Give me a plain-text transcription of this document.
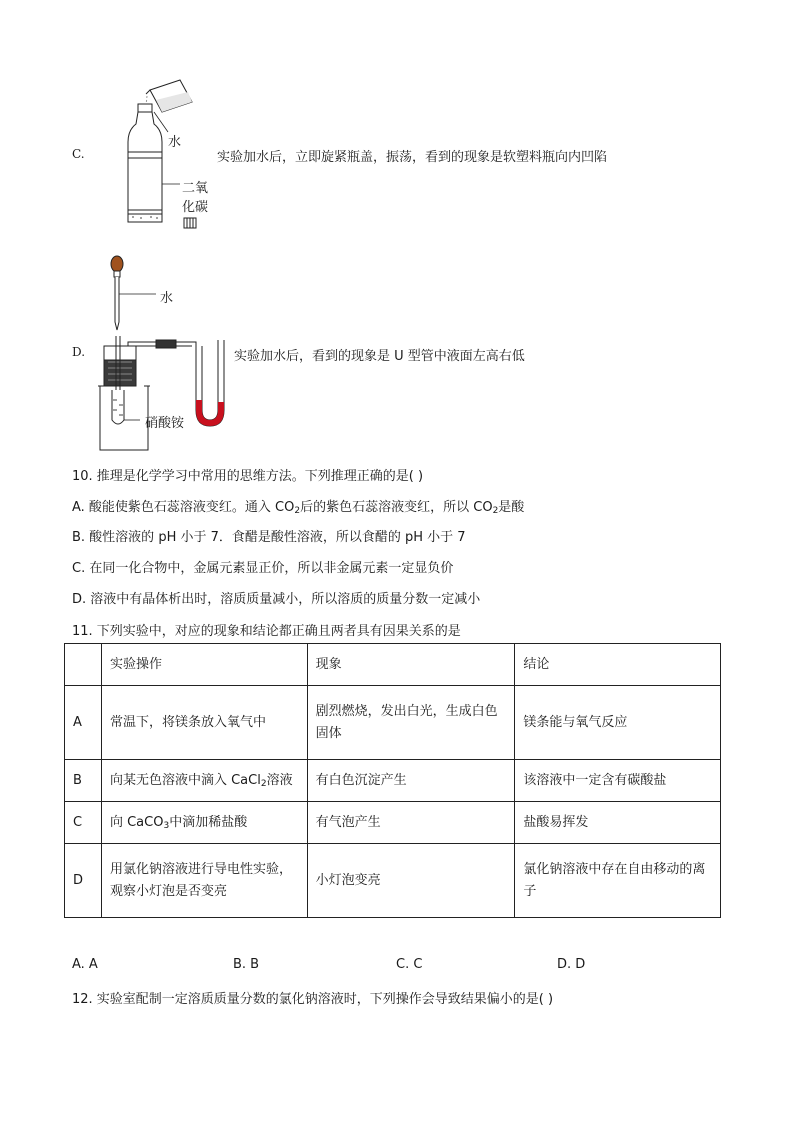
C.
水
二氧
化碳
实验加水后，立即旋紧瓶盖，振荡，看到的现象是软塑料瓶向内凹陷
D.
水
硝酸铵
实验加水后，看到的现象是 U 型管中液面左高右低
10. 推理是化学学习中常用的思维方法。下列推理正确的是( )
A. 酸能使紫色石蕊溶液变红。通入 $CO_2$后的紫色石蕊溶液变红，所以 $CO_2$是酸
B. 酸性溶液的 pH 小于 7．食醋是酸性溶液，所以食醋的 pH 小于 7
C. 在同一化合物中，金属元素显正价，所以非金属元素一定显负价
D. 溶液中有晶体析出时，溶质质量减小，所以溶质的质量分数一定减小
11. 下列实验中，对应的现象和结论都正确且两者具有因果关系的是
	实验操作	现象	结论
A	常温下，将镁条放入氧气中	剧烈燃烧，发出白光，生成白色固体	镁条能与氧气反应
B	向某无色溶液中滴入 CaCl$_2$溶液	有白色沉淀产生	该溶液中一定含有碳酸盐
C	向 CaCO$_3$中滴加稀盐酸	有气泡产生	盐酸易挥发
D	用氯化钠溶液进行导电性实验，观察小灯泡是否变亮	小灯泡变亮	氯化钠溶液中存在自由移动的离子
A. A	B. B	C. C	D. D
12. 实验室配制一定溶质质量分数的氯化钠溶液时，下列操作会导致结果偏小的是( )
